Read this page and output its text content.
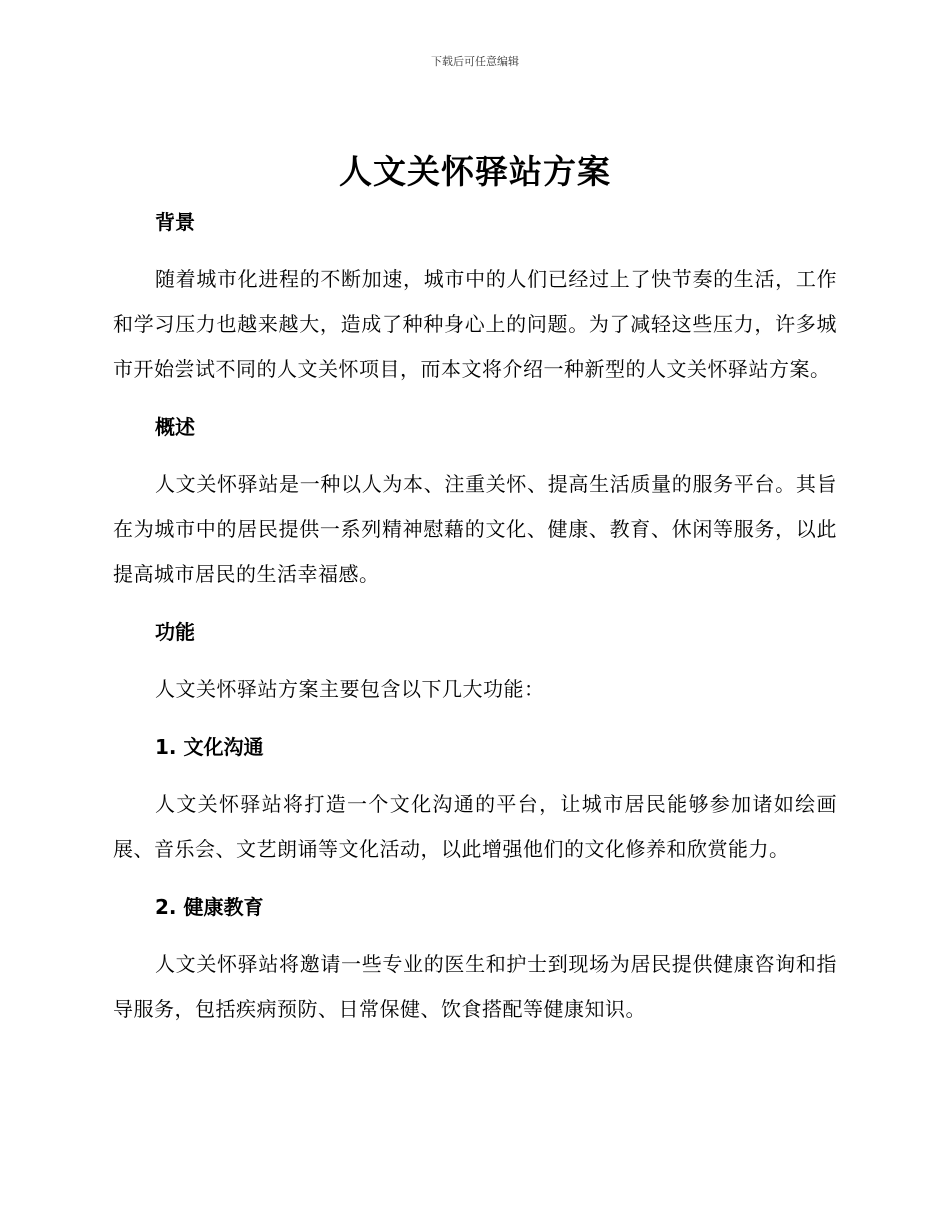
下载后可任意编辑
人文关怀驿站方案
背景

随着城市化进程的不断加速，城市中的人们已经过上了快节奏的生活，工作和学习压力也越来越大，造成了种种身心上的问题。为了减轻这些压力，许多城市开始尝试不同的人文关怀项目，而本文将介绍一种新型的人文关怀驿站方案。

概述

人文关怀驿站是一种以人为本、注重关怀、提高生活质量的服务平台。其旨在为城市中的居民提供一系列精神慰藉的文化、健康、教育、休闲等服务，以此提高城市居民的生活幸福感。

功能

人文关怀驿站方案主要包含以下几大功能：

1. 文化沟通

人文关怀驿站将打造一个文化沟通的平台，让城市居民能够参加诸如绘画展、音乐会、文艺朗诵等文化活动，以此增强他们的文化修养和欣赏能力。

2. 健康教育

人文关怀驿站将邀请一些专业的医生和护士到现场为居民提供健康咨询和指导服务，包括疾病预防、日常保健、饮食搭配等健康知识。
